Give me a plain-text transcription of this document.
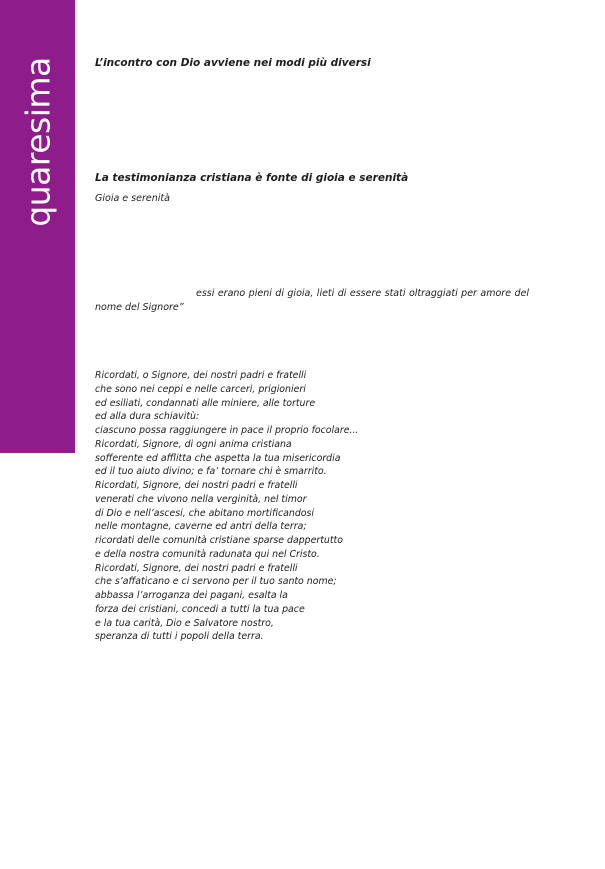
quaresima	L’incontro con Dio avviene nei modi più diversi

La testimonianza cristiana è fonte di gioia e serenità

Gioia e serenità

essi erano pieni di gioia, lieti di essere stati oltraggiati per amore del
nome del Signore”
Ricordati, o Signore, dei nostri padri e fratelli
che sono nei ceppi e nelle carceri, prigionieri
ed esiliati, condannati alle miniere, alle torture
ed alla dura schiavitù:
ciascuno possa raggiungere in pace il proprio focolare...
Ricordati, Signore, di ogni anima cristiana
sofferente ed afflitta che aspetta la tua misericordia
ed il tuo aiuto divino; e fa’ tornare chi è smarrito.
Ricordati, Signore, dei nostri padri e fratelli
venerati che vivono nella verginità, nel timor
di Dio e nell’ascesi, che abitano mortificandosi
nelle montagne, caverne ed antri della terra;
ricordati delle comunità cristiane sparse dappertutto
e della nostra comunità radunata qui nel Cristo.
Ricordati, Signore, dei nostri padri e fratelli
che s’affaticano e ci servono per il tuo santo nome;
abbassa l’arroganza dei pagani, esalta la
forza dei cristiani, concedi a tutti la tua pace
e la tua carità, Dio e Salvatore nostro,
speranza di tutti i popoli della terra.
